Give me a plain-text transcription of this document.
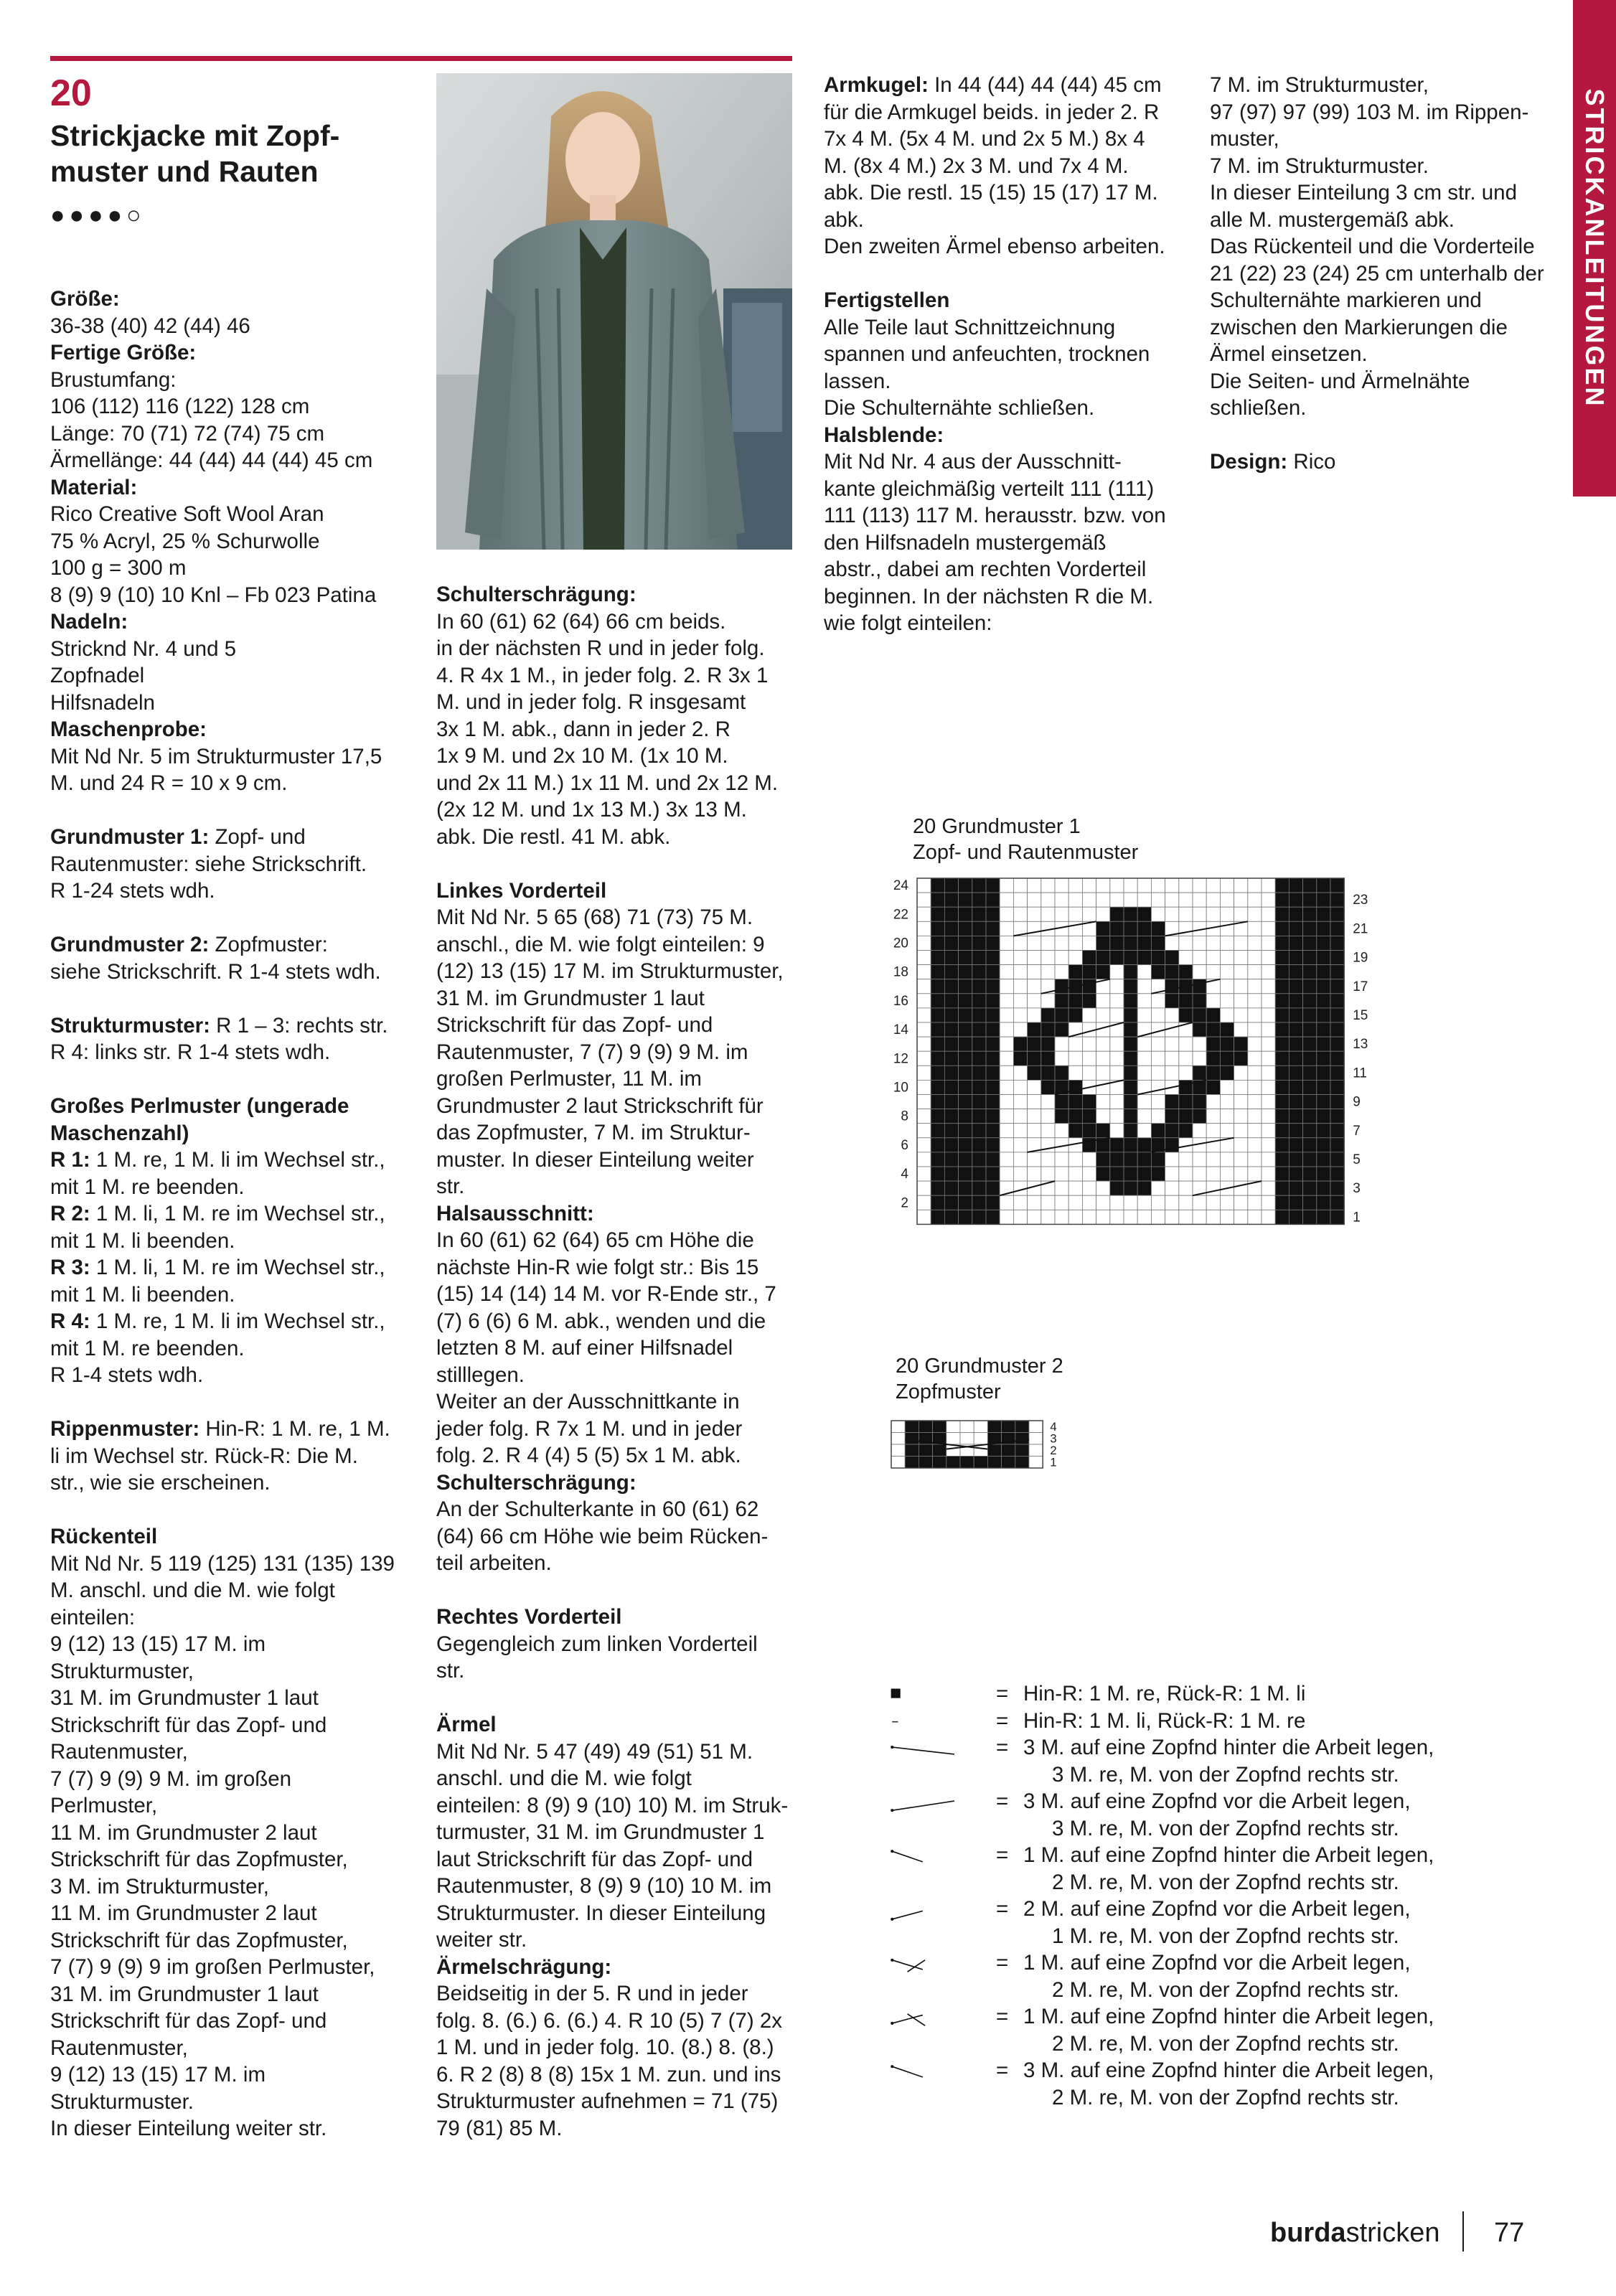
20
Strickjacke mit Zopf-muster und Rauten
●●●●○	STRICKANLEITUNGEN

Größe:

36-38 (40) 42 (44) 46

Fertige Größe:

Brustumfang:

106 (112) 116 (122) 128 cm

Länge: 70 (71) 72 (74) 75 cm

Ärmellänge: 44 (44) 44 (44) 45 cm

Material:

Rico Creative Soft Wool Aran

75 % Acryl, 25 % Schurwolle

100 g = 300 m

8 (9) 9 (10) 10 Knl – Fb 023 Patina

Nadeln:

Stricknd Nr. 4 und 5

Zopfnadel

Hilfsnadeln

Maschenprobe:

Mit Nd Nr. 5 im Strukturmuster 17,5

M. und 24 R = 10 x 9 cm.

Grundmuster 1: Zopf- und

Rautenmuster: siehe Strickschrift.

R 1-24 stets wdh.

Grundmuster 2: Zopfmuster:

siehe Strickschrift. R 1-4 stets wdh.

Strukturmuster: R 1 – 3: rechts str.

R 4: links str. R 1-4 stets wdh.

Großes Perlmuster (ungerade

Maschenzahl)

R 1: 1 M. re, 1 M. li im Wechsel str.,

mit 1 M. re beenden.

R 2: 1 M. li, 1 M. re im Wechsel str.,

mit 1 M. li beenden.

R 3: 1 M. li, 1 M. re im Wechsel str.,

mit 1 M. li beenden.

R 4: 1 M. re, 1 M. li im Wechsel str.,

mit 1 M. re beenden.

R 1-4 stets wdh.

Rippenmuster: Hin-R: 1 M. re, 1 M.

li im Wechsel str. Rück-R: Die M.

str., wie sie erscheinen.

Rückenteil

Mit Nd Nr. 5 119 (125) 131 (135) 139

M. anschl. und die M. wie folgt

einteilen:

9 (12) 13 (15) 17 M. im

Strukturmuster,

31 M. im Grundmuster 1 laut

Strickschrift für das Zopf- und

Rautenmuster,

7 (7) 9 (9) 9 M. im großen

Perlmuster,

11 M. im Grundmuster 2 laut

Strickschrift für das Zopfmuster,

3 M. im Strukturmuster,

11 M. im Grundmuster 2 laut

Strickschrift für das Zopfmuster,

7 (7) 9 (9) 9 im großen Perlmuster,

31 M. im Grundmuster 1 laut

Strickschrift für das Zopf- und

Rautenmuster,

9 (12) 13 (15) 17 M. im

Strukturmuster.

In dieser Einteilung weiter str.

Schulterschrägung:

In 60 (61) 62 (64) 66 cm beids.

in der nächsten R und in jeder folg.

4. R 4x 1 M., in jeder folg. 2. R 3x 1

M. und in jeder folg. R insgesamt

3x 1 M. abk., dann in jeder 2. R

1x 9 M. und 2x 10 M. (1x 10 M.

und 2x 11 M.) 1x 11 M. und 2x 12 M.

(2x 12 M. und 1x 13 M.) 3x 13 M.

abk. Die restl. 41 M. abk.

Linkes Vorderteil

Mit Nd Nr. 5 65 (68) 71 (73) 75 M.

anschl., die M. wie folgt einteilen: 9

(12) 13 (15) 17 M. im Strukturmuster,

31 M. im Grundmuster 1 laut

Strickschrift für das Zopf- und

Rautenmuster, 7 (7) 9 (9) 9 M. im

großen Perlmuster, 11 M. im

Grundmuster 2 laut Strickschrift für

das Zopfmuster, 7 M. im Struktur-

muster. In dieser Einteilung weiter

str.

Halsausschnitt:

In 60 (61) 62 (64) 65 cm Höhe die

nächste Hin-R wie folgt str.: Bis 15

(15) 14 (14) 14 M. vor R-Ende str., 7

(7) 6 (6) 6 M. abk., wenden und die

letzten 8 M. auf einer Hilfsnadel

stilllegen.

Weiter an der Ausschnittkante in

jeder folg. R 7x 1 M. und in jeder

folg. 2. R 4 (4) 5 (5) 5x 1 M. abk.

Schulterschrägung:

An der Schulterkante in 60 (61) 62

(64) 66 cm Höhe wie beim Rücken-

teil arbeiten.

Rechtes Vorderteil

Gegengleich zum linken Vorderteil

str.

Ärmel

Mit Nd Nr. 5 47 (49) 49 (51) 51 M.

anschl. und die M. wie folgt

einteilen: 8 (9) 9 (10) 10) M. im Struk-

turmuster, 31 M. im Grundmuster 1

laut Strickschrift für das Zopf- und

Rautenmuster, 8 (9) 9 (10) 10 M. im

Strukturmuster. In dieser Einteilung

weiter str.

Ärmelschrägung:

Beidseitig in der 5. R und in jeder

folg. 8. (6.) 6. (6.) 4. R 10 (5) 7 (7) 2x

1 M. und in jeder folg. 10. (8.) 8. (8.)

6. R 2 (8) 8 (8) 15x 1 M. zun. und ins

Strukturmuster aufnehmen = 71 (75)

79 (81) 85 M.

Armkugel: In 44 (44) 44 (44) 45 cm

für die Armkugel beids. in jeder 2. R

7x 4 M. (5x 4 M. und 2x 5 M.) 8x 4

M. (8x 4 M.) 2x 3 M. und 7x 4 M.

abk. Die restl. 15 (15) 15 (17) 17 M.

abk.

Den zweiten Ärmel ebenso arbeiten.

Fertigstellen

Alle Teile laut Schnittzeichnung

spannen und anfeuchten, trocknen

lassen.

Die Schulternähte schließen.

Halsblende:

Mit Nd Nr. 4 aus der Ausschnitt-

kante gleichmäßig verteilt 111 (111)

111 (113) 117 M. herausstr. bzw. von

den Hilfsnadeln mustergemäß

abstr., dabei am rechten Vorderteil

beginnen. In der nächsten R die M.

wie folgt einteilen:

7 M. im Strukturmuster,

97 (97) 97 (99) 103 M. im Rippen-

muster,

7 M. im Strukturmuster.

In dieser Einteilung 3 cm str. und

alle M. mustergemäß abk.

Das Rückenteil und die Vorderteile

21 (22) 23 (24) 25 cm unterhalb der

Schulternähte markieren und

zwischen den Markierungen die

Ärmel einsetzen.

Die Seiten- und Ärmelnähte

schließen.

Design: Rico

20 Grundmuster 1
Zopf- und Rautenmuster
24
22
20
18
16
14
12
10
8
6
4
2
23
21
19
17
15
13
11
9
7
5
3
1
20 Grundmuster 2
Zopfmuster
4
3
2
1
= Hin-R: 1 M. re, Rück-R: 1 M. li
= Hin-R: 1 M. li, Rück-R: 1 M. re
= 3 M. auf eine Zopfnd hinter die Arbeit legen,
3 M. re, M. von der Zopfnd rechts str.
= 3 M. auf eine Zopfnd vor die Arbeit legen,
3 M. re, M. von der Zopfnd rechts str.
= 1 M. auf eine Zopfnd hinter die Arbeit legen,
2 M. re, M. von der Zopfnd rechts str.
= 2 M. auf eine Zopfnd vor die Arbeit legen,
1 M. re, M. von der Zopfnd rechts str.
= 1 M. auf eine Zopfnd vor die Arbeit legen,
2 M. re, M. von der Zopfnd rechts str.
= 1 M. auf eine Zopfnd hinter die Arbeit legen,
2 M. re, M. von der Zopfnd rechts str.
= 3 M. auf eine Zopfnd hinter die Arbeit legen,
2 M. re, M. von der Zopfnd rechts str.
burdastricken 77
